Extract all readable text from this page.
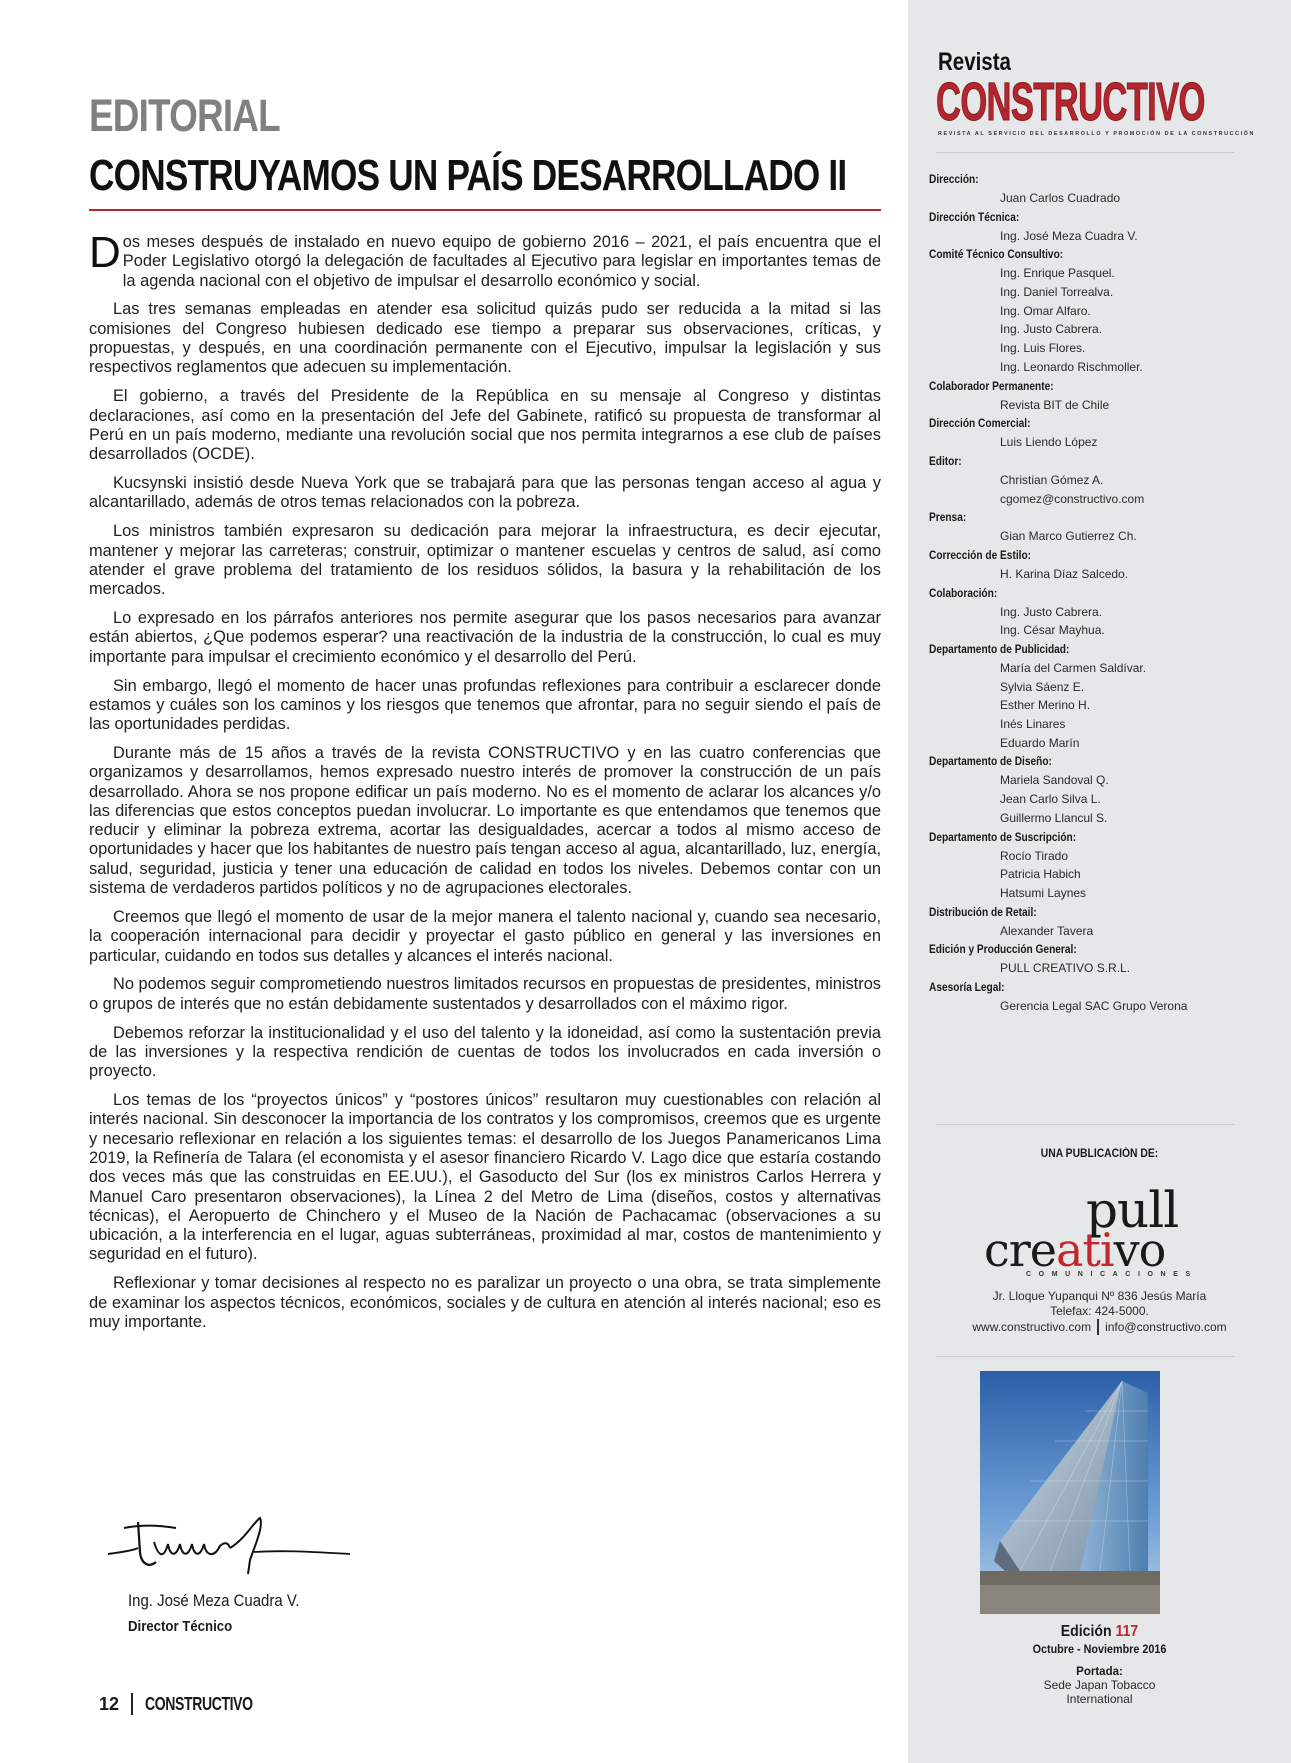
EDITORIAL
CONSTRUYAMOS UN PAÍS DESARROLLADO II

Dos meses después de instalado en nuevo equipo de gobierno 2016 – 2021, el país encuentra que el Poder Legislativo otorgó la delegación de facultades al Ejecutivo para legislar en importantes temas de la agenda nacional con el objetivo de impulsar el desarrollo económico y social.

Las tres semanas empleadas en atender esa solicitud quizás pudo ser reducida a la mitad si las comisiones del Congreso hubiesen dedicado ese tiempo a preparar sus observaciones, críticas, y propuestas, y después, en una coordinación permanente con el Ejecutivo, impulsar la legislación y sus respectivos reglamentos que adecuen su implementación.

El gobierno, a través del Presidente de la República en su mensaje al Congreso y distintas declaraciones, así como en la presentación del Jefe del Gabinete, ratificó su propuesta de transformar al Perú en un país moderno, mediante una revolución social que nos permita integrarnos a ese club de países desarrollados (OCDE).

Kucsynski insistió desde Nueva York que se trabajará para que las personas tengan acceso al agua y alcantarillado, además de otros temas relacionados con la pobreza.

Los ministros también expresaron su dedicación para mejorar la infraestructura, es decir ejecutar, mantener y mejorar las carreteras; construir, optimizar o mantener escuelas y centros de salud, así como atender el grave problema del tratamiento de los residuos sólidos, la basura y la rehabilitación de los mercados.

Lo expresado en los párrafos anteriores nos permite asegurar que los pasos necesarios para avanzar están abiertos, ¿Que podemos esperar? una reactivación de la industria de la construcción, lo cual es muy importante para impulsar el crecimiento económico y el desarrollo del Perú.

Sin embargo, llegó el momento de hacer unas profundas reflexiones para contribuir a esclarecer donde estamos y cuáles son los caminos y los riesgos que tenemos que afrontar, para no seguir siendo el país de las oportunidades perdidas.

Durante más de 15 años a través de la revista CONSTRUCTIVO y en las cuatro conferencias que organizamos y desarrollamos, hemos expresado nuestro interés de promover la construcción de un país desarrollado. Ahora se nos propone edificar un país moderno. No es el momento de aclarar los alcances y/o las diferencias que estos conceptos puedan involucrar. Lo importante es que entendamos que tenemos que reducir y eliminar la pobreza extrema, acortar las desigualdades, acercar a todos al mismo acceso de oportunidades y hacer que los habitantes de nuestro país tengan acceso al agua, alcantarillado, luz, energía, salud, seguridad, justicia y tener una educación de calidad en todos los niveles. Debemos contar con un sistema de verdaderos partidos políticos y no de agrupaciones electorales.

Creemos que llegó el momento de usar de la mejor manera el talento nacional y, cuando sea necesario, la cooperación internacional para decidir y proyectar el gasto público en general y las inversiones en particular, cuidando en todos sus detalles y alcances el interés nacional.

No podemos seguir comprometiendo nuestros limitados recursos en propuestas de presidentes, ministros o grupos de interés que no están debidamente sustentados y desarrollados con el máximo rigor.

Debemos reforzar la institucionalidad y el uso del talento y la idoneidad, así como la sustentación previa de las inversiones y la respectiva rendición de cuentas de todos los involucrados en cada inversión o proyecto.

Los temas de los “proyectos únicos” y “postores únicos” resultaron muy cuestionables con relación al interés nacional. Sin desconocer la importancia de los contratos y los compromisos, creemos que es urgente y necesario reflexionar en relación a los siguientes temas: el desarrollo de los Juegos Panamericanos Lima 2019, la Refinería de Talara (el economista y el asesor financiero Ricardo V. Lago dice que estaría costando dos veces más que las construidas en EE.UU.), el Gasoducto del Sur (los ex ministros Carlos Herrera y Manuel Caro presentaron observaciones), la Línea 2 del Metro de Lima (diseños, costos y alternativas técnicas), el Aeropuerto de Chinchero y el Museo de la Nación de Pachacamac (observaciones a su ubicación, a la interferencia en el lugar, aguas subterráneas, proximidad al mar, costos de mantenimiento y seguridad en el futuro).

Reflexionar y tomar decisiones al respecto no es paralizar un proyecto o una obra, se trata simplemente de examinar los aspectos técnicos, económicos, sociales y de cultura en atención al interés nacional; eso es muy importante.

Ing. José Meza Cuadra V.
Director Técnico
12 CONSTRUCTIVO
Revista
CONSTRUCTIVO
REVISTA AL SERVICIO DEL DESARROLLO Y PROMOCIÓN DE LA CONSTRUCCIÓN
Dirección:
Juan Carlos Cuadrado
Dirección Técnica:
Ing. José Meza Cuadra V.
Comité Técnico Consultivo:
Ing. Enrique Pasquel.
Ing. Daniel Torrealva.
Ing. Omar Alfaro.
Ing. Justo Cabrera.
Ing. Luis Flores.
Ing. Leonardo Rischmoller.
Colaborador Permanente:
Revista BIT de Chile
Dirección Comercial:
Luis Liendo López
Editor:
Christian Gómez A.
cgomez@constructivo.com
Prensa:
Gian Marco Gutierrez Ch.
Corrección de Estilo:
H. Karina Díaz Salcedo.
Colaboración:
Ing. Justo Cabrera.
Ing. César Mayhua.
Departamento de Publicidad:
María del Carmen Saldívar.
Sylvia Sáenz E.
Esther Merino H.
Inés Linares
Eduardo Marín
Departamento de Diseño:
Mariela Sandoval Q.
Jean Carlo Silva L.
Guillermo Llancul S.
Departamento de Suscripción:
Rocío Tirado
Patricia Habich
Hatsumi Laynes
Distribución de Retail:
Alexander Tavera
Edición y Producción General:
PULL CREATIVO S.R.L.
Asesoría Legal:
Gerencia Legal SAC Grupo Verona
UNA PUBLICACIÓN DE:
pull
creativo
COMUNICACIONES
Jr. Lloque Yupanqui Nº 836 Jesús María
Telefax: 424-5000.
www.constructivo.com info@constructivo.com
Edición 117
Octubre - Noviembre 2016
Portada:
Sede Japan Tobacco International
